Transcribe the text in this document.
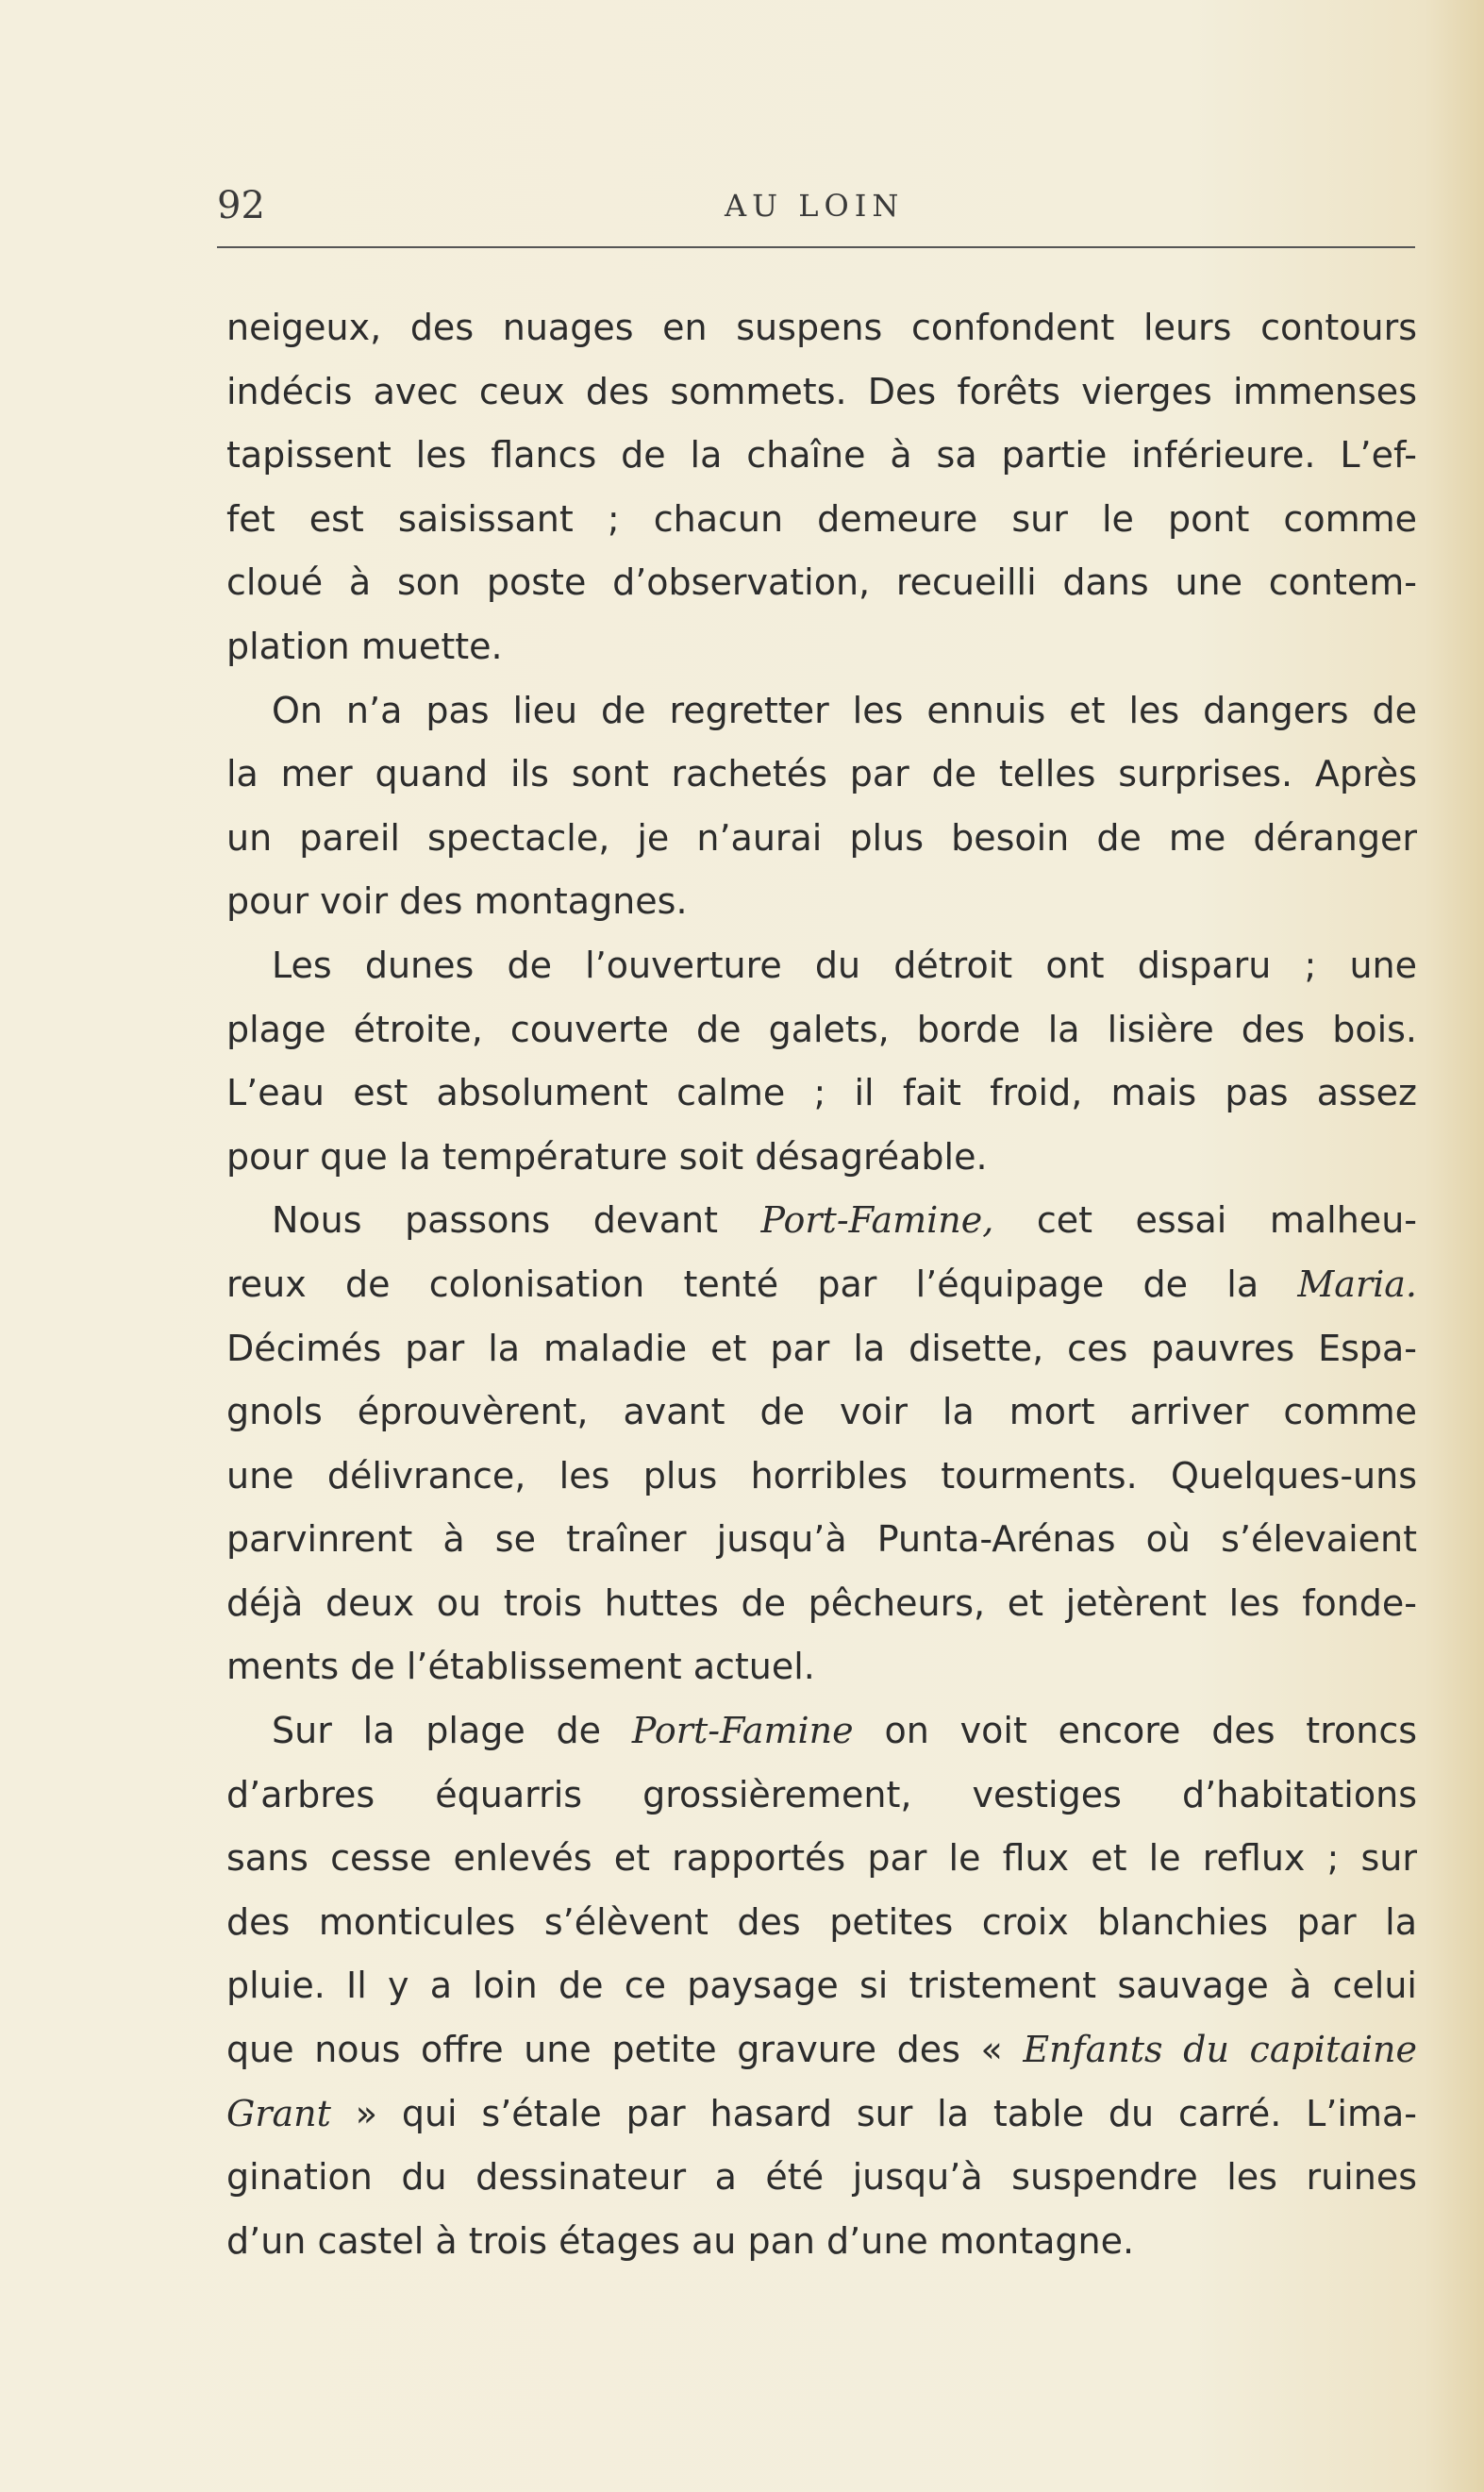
92	AU LOIN
neigeux, des nuages en suspens confondent leurs contours
indécis avec ceux des sommets. Des forêts vierges immenses
tapissent les flancs de la chaîne à sa partie inférieure. L’ef-
fet est saisissant ; chacun demeure sur le pont comme
cloué à son poste d’observation, recueilli dans une contem-
plation muette.
On n’a pas lieu de regretter les ennuis et les dangers de
la mer quand ils sont rachetés par de telles surprises. Après
un pareil spectacle, je n’aurai plus besoin de me déranger
pour voir des montagnes.
Les dunes de l’ouverture du détroit ont disparu ; une
plage étroite, couverte de galets, borde la lisière des bois.
L’eau est absolument calme ; il fait froid, mais pas assez
pour que la température soit désagréable.
Nous passons devant Port-Famine, cet essai malheu-
reux de colonisation tenté par l’équipage de la Maria.
Décimés par la maladie et par la disette, ces pauvres Espa-
gnols éprouvèrent, avant de voir la mort arriver comme
une délivrance, les plus horribles tourments. Quelques-uns
parvinrent à se traîner jusqu’à Punta-Arénas où s’élevaient
déjà deux ou trois huttes de pêcheurs, et jetèrent les fonde-
ments de l’établissement actuel.
Sur la plage de Port-Famine on voit encore des troncs
d’arbres équarris grossièrement, vestiges d’habitations
sans cesse enlevés et rapportés par le flux et le reflux ; sur
des monticules s’élèvent des petites croix blanchies par la
pluie. Il y a loin de ce paysage si tristement sauvage à celui
que nous offre une petite gravure des « Enfants du capitaine
Grant » qui s’étale par hasard sur la table du carré. L’ima-
gination du dessinateur a été jusqu’à suspendre les ruines
d’un castel à trois étages au pan d’une montagne.
